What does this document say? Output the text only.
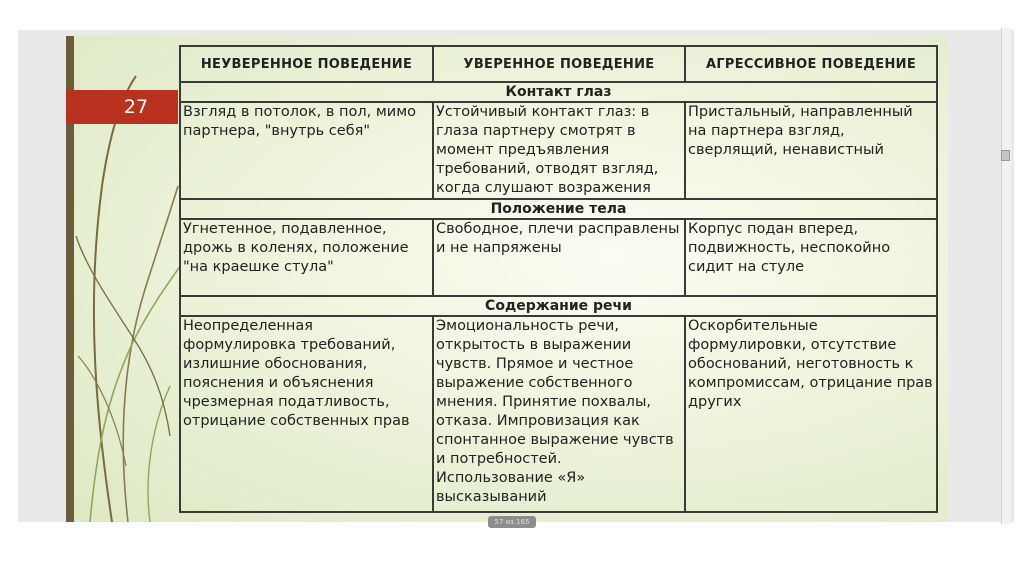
27
НЕУВЕРЕННОЕ ПОВЕДЕНИЕ	УВЕРЕННОЕ ПОВЕДЕНИЕ	АГРЕССИВНОЕ ПОВЕДЕНИЕ
Контакт глаз		
Взгляд в потолок, в пол, мимо партнера, "внутрь себя"	Устойчивый контакт глаз: в глаза партнеру смотрят в момент предъявления требований, отводят взгляд, когда слушают возражения	Пристальный, направленный на партнера взгляд, сверлящий, ненавистный
Положение тела		
Угнетенное, подавленное, дрожь в коленях, положение "на краешке стула"	Свободное, плечи расправлены и не напряжены	Корпус подан вперед, подвижность, неспокойно сидит на стуле
Содержание речи		
Неопределенная формулировка требований, излишние обоснования, пояснения и объяснения чрезмерная податливость, отрицание собственных прав	Эмоциональность речи, открытость в выражении чувств. Прямое и честное выражение собственного мнения. Принятие похвалы, отказа. Импровизация как спонтанное выражение чувств и потребностей. Использование «Я» высказываний	Оскорбительные формулировки, отсутствие обоснований, неготовность к компромиссам, отрицание прав других
57 из 165
